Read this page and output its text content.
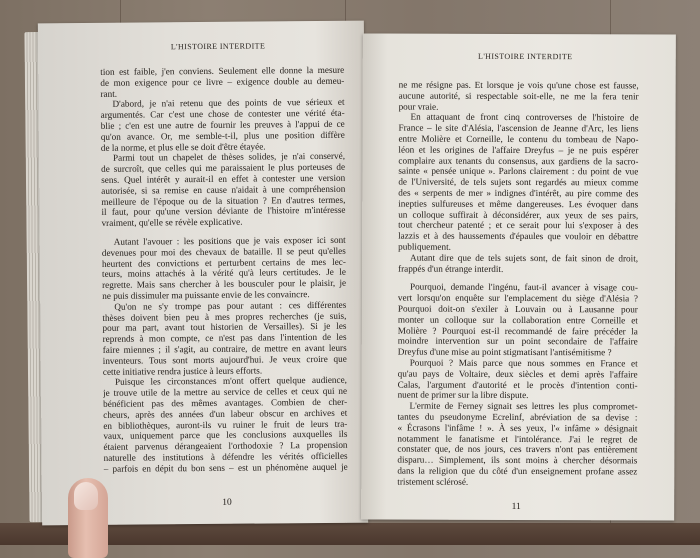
L'HISTOIRE INTERDITE
tion est faible, j'en conviens. Seulement elle donne la mesure
de mon exigence pour ce livre – exigence double au demeu-
rant.
D'abord, je n'ai retenu que des points de vue sérieux et
argumentés. Car c'est une chose de contester une vérité éta-
blie ; c'en est une autre de fournir les preuves à l'appui de ce
qu'on avance. Or, me semble-t-il, plus une position diffère
de la norme, et plus elle se doit d'être étayée.
Parmi tout un chapelet de thèses solides, je n'ai conservé,
de surcroît, que celles qui me paraissaient le plus porteuses de
sens. Quel intérêt y aurait-il en effet à contester une version
autorisée, si sa remise en cause n'aidait à une compréhension
meilleure de l'époque ou de la situation ? En d'autres termes,
il faut, pour qu'une version déviante de l'histoire m'intéresse
vraiment, qu'elle se révèle explicative.
Autant l'avouer : les positions que je vais exposer ici sont
devenues pour moi des chevaux de bataille. Il se peut qu'elles
heurtent des convictions et perturbent certains de mes lec-
teurs, moins attachés à la vérité qu'à leurs certitudes. Je le
regrette. Mais sans chercher à les bousculer pour le plaisir, je
ne puis dissimuler ma puissante envie de les convaincre.
Qu'on ne s'y trompe pas pour autant : ces différentes
thèses doivent bien peu à mes propres recherches (je suis,
pour ma part, avant tout historien de Versailles). Si je les
reprends à mon compte, ce n'est pas dans l'intention de les
faire miennes ; il s'agit, au contraire, de mettre en avant leurs
inventeurs. Tous sont morts aujourd'hui. Je veux croire que
cette initiative rendra justice à leurs efforts.
Puisque les circonstances m'ont offert quelque audience,
je trouve utile de la mettre au service de celles et ceux qui ne
bénéficient pas des mêmes avantages. Combien de cher-
cheurs, après des années d'un labeur obscur en archives et
en bibliothèques, auront-ils vu ruiner le fruit de leurs tra-
vaux, uniquement parce que les conclusions auxquelles ils
étaient parvenus dérangeaient l'orthodoxie ? La propension
naturelle des institutions à défendre les vérités officielles
– parfois en dépit du bon sens – est un phénomène auquel je
10
L'HISTOIRE INTERDITE
ne me résigne pas. Et lorsque je vois qu'une chose est fausse,
aucune autorité, si respectable soit-elle, ne me la fera tenir
pour vraie.
En attaquant de front cinq controverses de l'histoire de
France – le site d'Alésia, l'ascension de Jeanne d'Arc, les liens
entre Molière et Corneille, le contenu du tombeau de Napo-
léon et les origines de l'affaire Dreyfus – je ne puis espérer
complaire aux tenants du consensus, aux gardiens de la sacro-
sainte « pensée unique ». Parlons clairement : du point de vue
de l'Université, de tels sujets sont regardés au mieux comme
des « serpents de mer » indignes d'intérêt, au pire comme des
inepties sulfureuses et même dangereuses. Les évoquer dans
un colloque suffirait à déconsidérer, aux yeux de ses pairs,
tout chercheur patenté ; et ce serait pour lui s'exposer à des
lazzis et à des haussements d'épaules que vouloir en débattre
publiquement.
Autant dire que de tels sujets sont, de fait sinon de droit,
frappés d'un étrange interdit.
Pourquoi, demande l'ingénu, faut-il avancer à visage cou-
vert lorsqu'on enquête sur l'emplacement du siège d'Alésia ?
Pourquoi doit-on s'exiler à Louvain ou à Lausanne pour
monter un colloque sur la collaboration entre Corneille et
Molière ? Pourquoi est-il recommandé de faire précéder la
moindre intervention sur un point secondaire de l'affaire
Dreyfus d'une mise au point stigmatisant l'antisémitisme ?
Pourquoi ? Mais parce que nous sommes en France et
qu'au pays de Voltaire, deux siècles et demi après l'affaire
Calas, l'argument d'autorité et le procès d'intention conti-
nuent de primer sur la libre dispute.
L'ermite de Ferney signait ses lettres les plus compromet-
tantes du pseudonyme Ecrelinf, abréviation de sa devise :
« Écrasons l'infâme ! ». À ses yeux, l'« infâme » désignait
notamment le fanatisme et l'intolérance. J'ai le regret de
constater que, de nos jours, ces travers n'ont pas entièrement
disparu… Simplement, ils sont moins à chercher désormais
dans la religion que du côté d'un enseignement profane assez
tristement sclérosé.
11
